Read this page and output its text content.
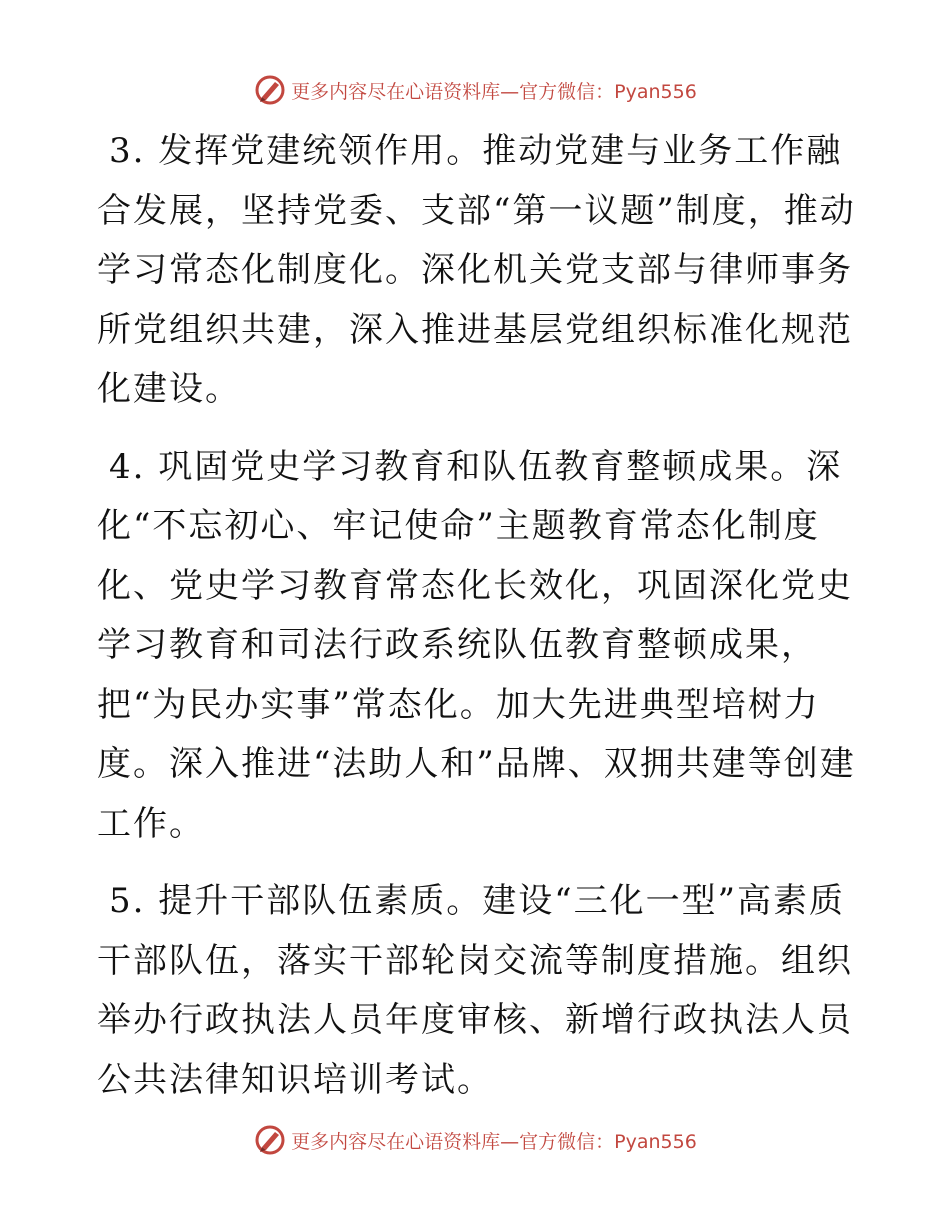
更多内容尽在心语资料库—官方微信：Pyan556

3. 发挥党建统领作用。推动党建与业务工作融合发展，坚持党委、支部“第一议题”制度，推动学习常态化制度化。深化机关党支部与律师事务所党组织共建，深入推进基层党组织标准化规范化建设。

4. 巩固党史学习教育和队伍教育整顿成果。深化“不忘初心、牢记使命”主题教育常态化制度化、党史学习教育常态化长效化，巩固深化党史学习教育和司法行政系统队伍教育整顿成果，把“为民办实事”常态化。加大先进典型培树力度。深入推进“法助人和”品牌、双拥共建等创建工作。

5. 提升干部队伍素质。建设“三化一型”高素质干部队伍，落实干部轮岗交流等制度措施。组织举办行政执法人员年度审核、新增行政执法人员公共法律知识培训考试。

更多内容尽在心语资料库—官方微信：Pyan556
